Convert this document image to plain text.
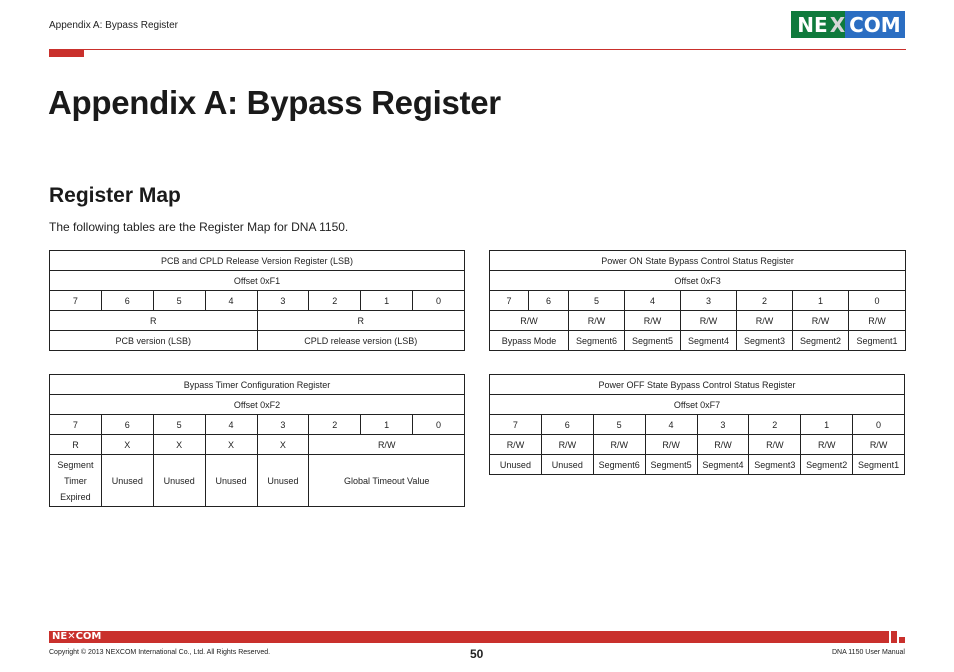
Appendix A: Bypass Register	NE X COM
Appendix A: Bypass Register
Register Map
The following tables are the Register Map for DNA 1150.
PCB and CPLD Release Version Register (LSB)							
Offset 0xF1							
7	6	5	4	3	2	1	0
R				R			
PCB version (LSB)				CPLD release version (LSB)			
Power ON State Bypass Control Status Register							
Offset 0xF3							
7	6	5	4	3	2	1	0
R/W		R/W	R/W	R/W	R/W	R/W	R/W
Bypass Mode		Segment6	Segment5	Segment4	Segment3	Segment2	Segment1
Bypass Timer Configuration Register							
Offset 0xF2							
7	6	5	4	3	2	1	0
R	X	X	X	X	R/W		

Segment
Timer
Expired	Unused	Unused	Unused	Unused	Global Timeout Value		
Power OFF State Bypass Control Status Register							
Offset 0xF7							
7	6	5	4	3	2	1	0
R/W	R/W	R/W	R/W	R/W	R/W	R/W	R/W
Unused	Unused	Segment6	Segment5	Segment4	Segment3	Segment2	Segment1
NE✕COM
Copyright © 2013 NEXCOM International Co., Ltd. All Rights Reserved.	50	DNA 1150 User Manual
